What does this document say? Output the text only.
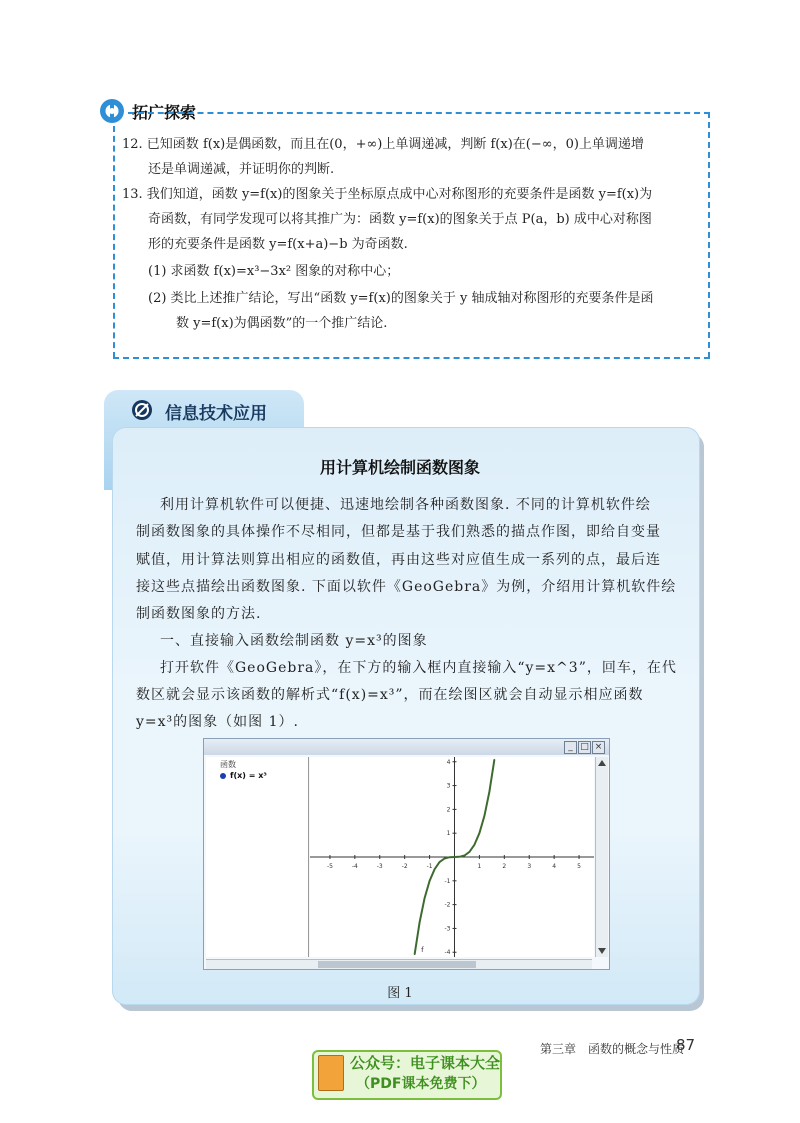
拓广探索
12. 已知函数 f(x)是偶函数，而且在(0，+∞)上单调递减，判断 f(x)在(−∞，0)上单调递增
还是单调递减，并证明你的判断.
13. 我们知道，函数 y=f(x)的图象关于坐标原点成中心对称图形的充要条件是函数 y=f(x)为
奇函数，有同学发现可以将其推广为：函数 y=f(x)的图象关于点 P(a，b) 成中心对称图
形的充要条件是函数 y=f(x+a)−b 为奇函数.
(1) 求函数 f(x)=x³−3x² 图象的对称中心；
(2) 类比上述推广结论，写出“函数 y=f(x)的图象关于 y 轴成轴对称图形的充要条件是函
数 y=f(x)为偶函数”的一个推广结论.
信息技术应用
用计算机绘制函数图象
利用计算机软件可以便捷、迅速地绘制各种函数图象. 不同的计算机软件绘
制函数图象的具体操作不尽相同，但都是基于我们熟悉的描点作图，即给自变量
赋值，用计算法则算出相应的函数值，再由这些对应值生成一系列的点，最后连
接这些点描绘出函数图象. 下面以软件《GeoGebra》为例，介绍用计算机软件绘
制函数图象的方法.
一、直接输入函数绘制函数 y=x³的图象
打开软件《GeoGebra》，在下方的输入框内直接输入“y=x^3”，回车，在代
数区就会显示该函数的解析式“f(x)=x³”，而在绘图区就会自动显示相应函数
y=x³的图象（如图 1）.
_ □ ×
函数
f(x) = x³
-5	-4	-3	-2	-1	1	2	3	4	5
4
3
2
1
-1
-2
-3
-4
f
图 1
第三章　函数的概念与性质
87
公众号：电子课本大全
（PDF课本免费下）
